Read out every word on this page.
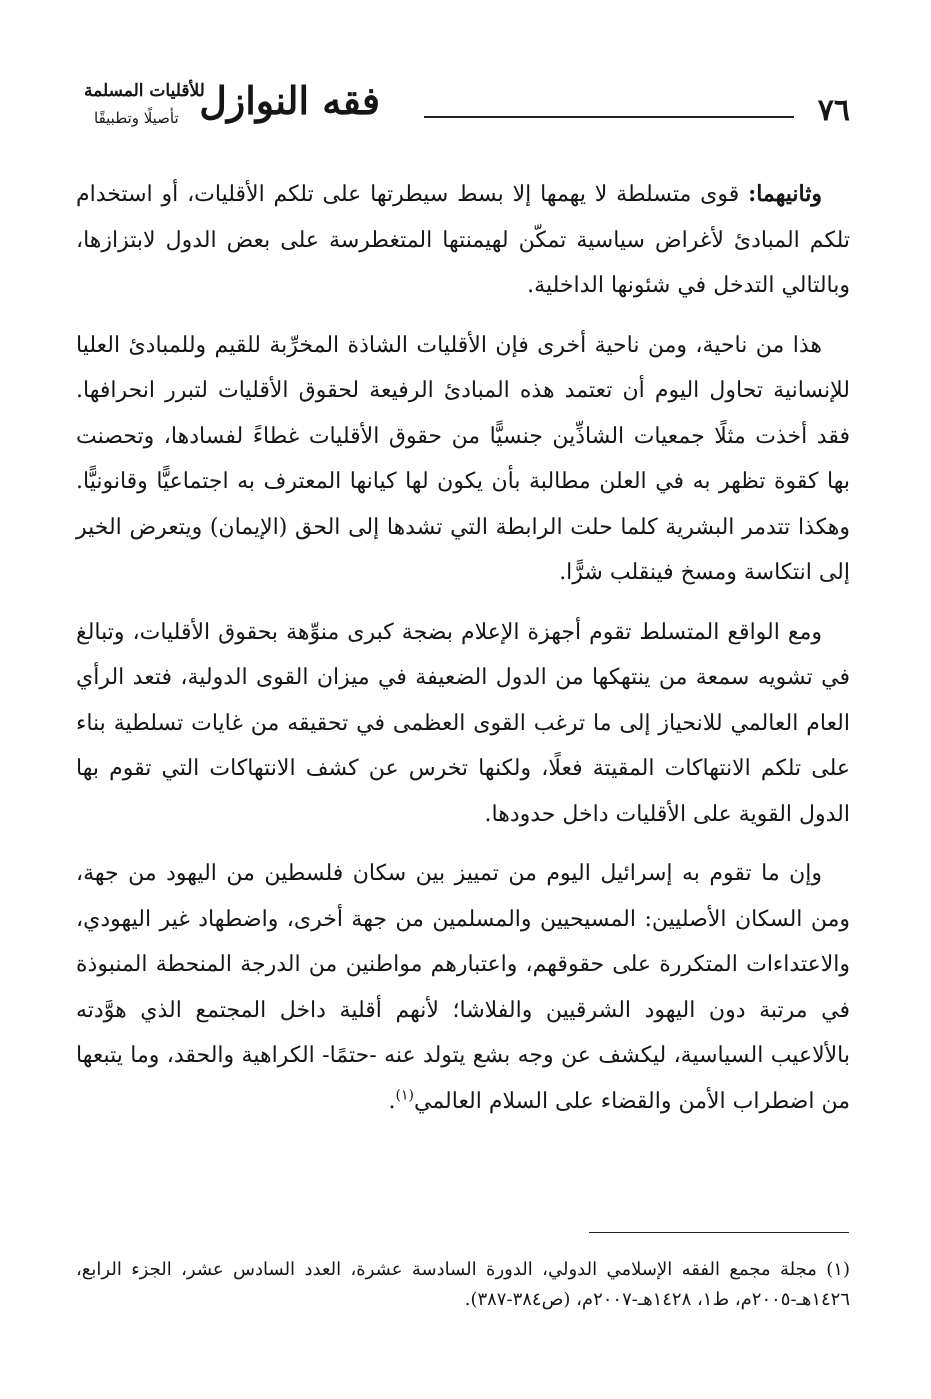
٧٦
فقه النوازل
للأقليات المسلمة
تأصيلًا وتطبيقًا

وثانيهما: قوى متسلطة لا يهمها إلا بسط سيطرتها على تلكم الأقليات، أو استخدام تلكم المبادئ لأغراض سياسية تمكّن لهيمنتها المتغطرسة على بعض الدول لابتزازها، وبالتالي التدخل في شئونها الداخلية.

هذا من ناحية، ومن ناحية أخرى فإن الأقليات الشاذة المخرِّبة للقيم وللمبادئ العليا للإنسانية تحاول اليوم أن تعتمد هذه المبادئ الرفيعة لحقوق الأقليات لتبرر انحرافها. فقد أخذت مثلًا جمعيات الشاذِّين جنسيًّا من حقوق الأقليات غطاءً لفسادها، وتحصنت بها كقوة تظهر به في العلن مطالبة بأن يكون لها كيانها المعترف به اجتماعيًّا وقانونيًّا. وهكذا تتدمر البشرية كلما حلت الرابطة التي تشدها إلى الحق (الإيمان) ويتعرض الخير إلى انتكاسة ومسخ فينقلب شرًّا.

ومع الواقع المتسلط تقوم أجهزة الإعلام بضجة كبرى منوِّهة بحقوق الأقليات، وتبالغ في تشويه سمعة من ينتهكها من الدول الضعيفة في ميزان القوى الدولية، فتعد الرأي العام العالمي للانحياز إلى ما ترغب القوى العظمى في تحقيقه من غايات تسلطية بناء على تلكم الانتهاكات المقيتة فعلًا، ولكنها تخرس عن كشف الانتهاكات التي تقوم بها الدول القوية على الأقليات داخل حدودها.

وإن ما تقوم به إسرائيل اليوم من تمييز بين سكان فلسطين من اليهود من جهة، ومن السكان الأصليين: المسيحيين والمسلمين من جهة أخرى، واضطهاد غير اليهودي، والاعتداءات المتكررة على حقوقهم، واعتبارهم مواطنين من الدرجة المنحطة المنبوذة في مرتبة دون اليهود الشرقيين والفلاشا؛ لأنهم أقلية داخل المجتمع الذي هوَّدته بالألاعيب السياسية، ليكشف عن وجه بشع يتولد عنه -حتمًا- الكراهية والحقد، وما يتبعها من اضطراب الأمن والقضاء على السلام العالمي$^{(١)}$.

(١) مجلة مجمع الفقه الإسلامي الدولي، الدورة السادسة عشرة، العدد السادس عشر، الجزء الرابع، ١٤٢٦هـ-٢٠٠٥م، ط١، ١٤٢٨هـ-٢٠٠٧م، (ص٣٨٤-٣٨٧).
